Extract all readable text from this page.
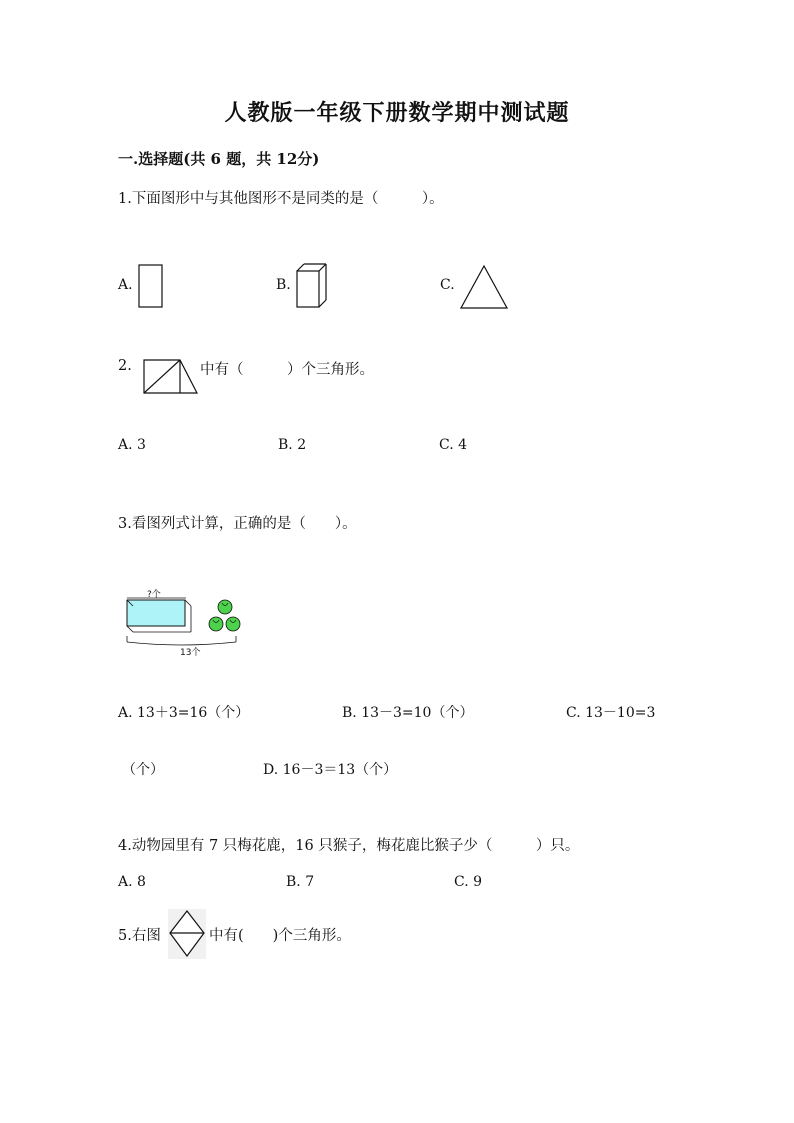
人教版一年级下册数学期中测试题
一.选择题(共 6 题，共 12分)
1.下面图形中与其他图形不是同类的是（　　　）。
A.	B.	C.
2.	中有（　　　）个三角形。
A. 3	B. 2	C. 4
3.看图列式计算，正确的是（　　）。
?个
13个
A. 13＋3=16（个）	B. 13－3=10（个）	C. 13－10=3
（个）	D. 16－3＝13（个）
4.动物园里有 7 只梅花鹿，16 只猴子，梅花鹿比猴子少（　　　）只。
A. 8	B. 7	C. 9
5.右图	中有(　　)个三角形。
